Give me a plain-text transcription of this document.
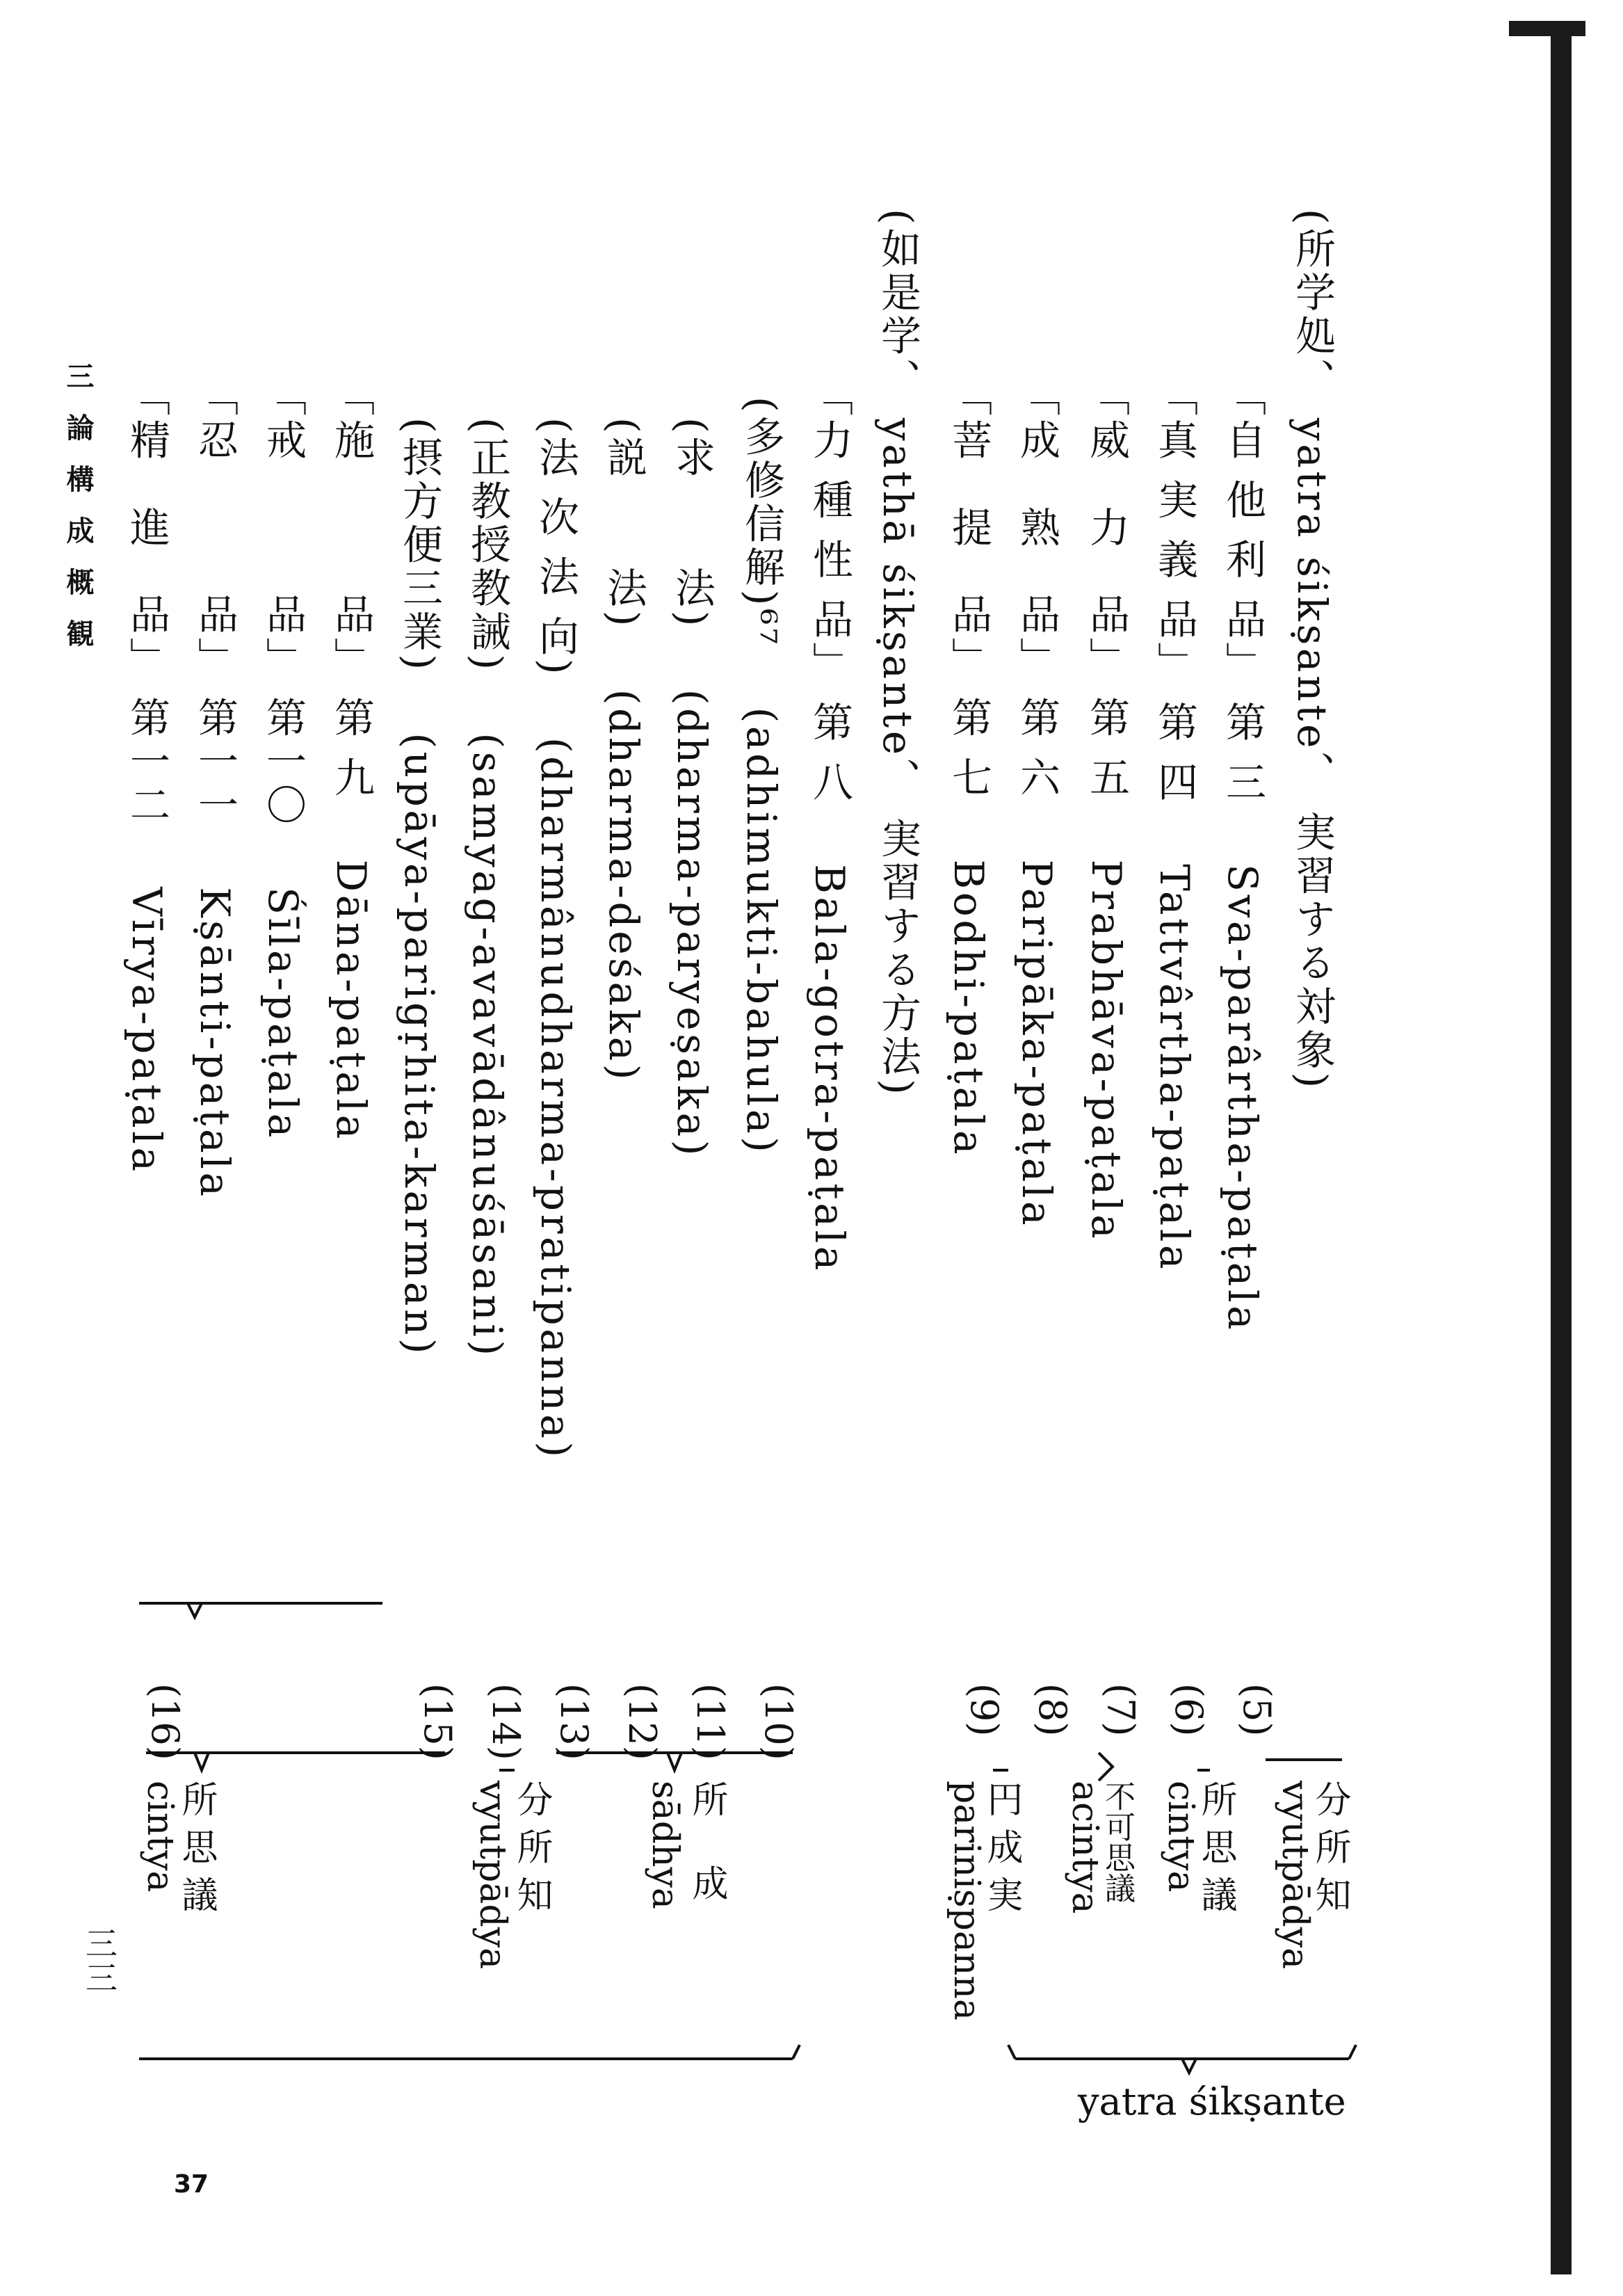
(所学処、 yatra śikṣante、 実習する対象)
「自 他 利 品」 第 三　 Sva-parârtha-paṭala
「真 実 義 品」 第 四　 Tattvârtha-paṭala
「威　力　品」 第 五　 Prabhāva-paṭala
「成　熟　品」 第 六　 Paripāka-paṭala
「菩　提　品」 第 七　 Bodhi-paṭala
(如是学、 yathā śikṣante、 実習する方法)
「力 種 性 品」 第 八　 Bala-gotra-paṭala
(多修信解)⁶⁷　 (adhimukti-bahula)
(求　　法)　 (dharma-paryeṣaka)
(説　　法)　 (dharma-deśaka)
(法 次 法 向)　 (dharmânudharma-pratipanna)
(正教授教誡)　 (samyag-avavādânuśāsani)
(摂方便三業)　 (upāya-parigṛhita-karman)
「施　　　品」 第 九　 Dāna-paṭala
「戒　　　品」 第一〇　 Śīla-paṭala
「忍　　　品」 第一一　 Kṣānti-paṭala
「精　進　品」 第一二　 Vīrya-paṭala
三 論 構 成 概 観
(5)
(6)
(7)
(8)
(9)
(10)
(11)
(12)
(13)
(14)
(15)
(16)
分 所 知
vyutpādya
所 思 議
cintya
不可思議
acintya
円 成 実
pariniṣpanna
所　 成
sādhya
分 所 知
vyutpādya
所 思 議
cintya
yatra śikṣante
三三
37
